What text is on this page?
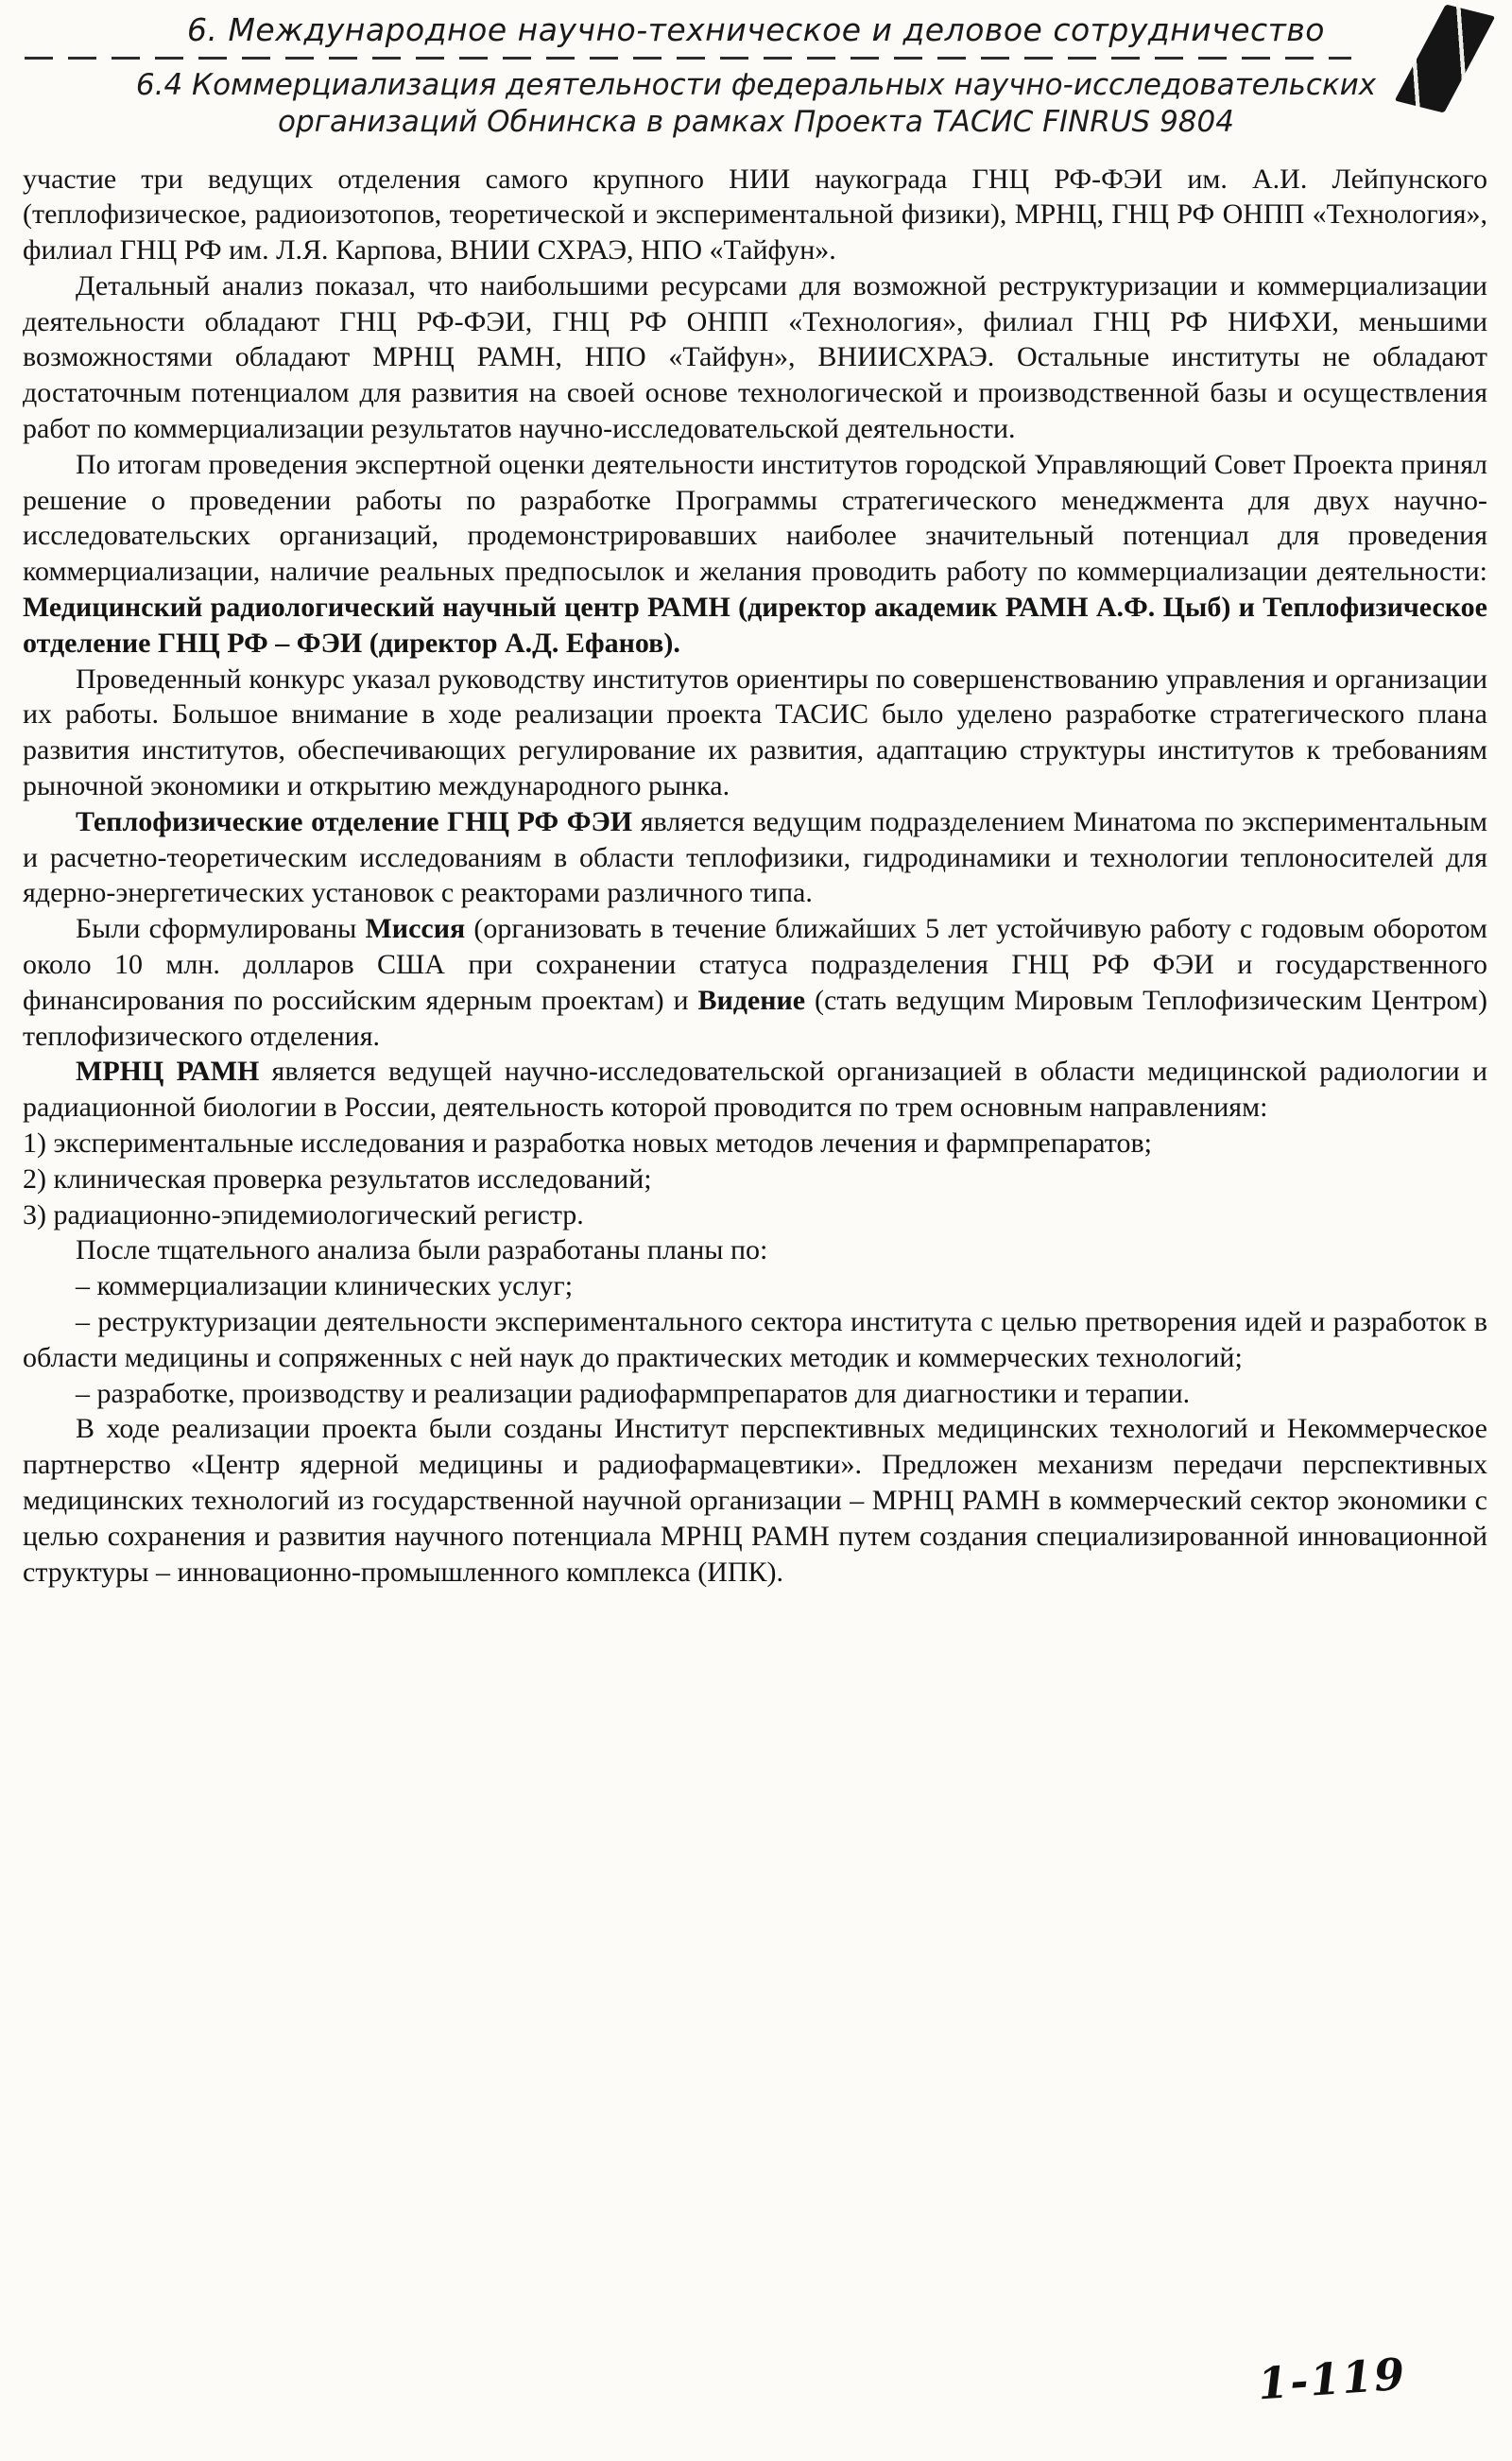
6. Международное научно-техническое и деловое сотрудничество
6.4 Коммерциализация деятельности федеральных научно-исследовательских
организаций Обнинска в рамках Проекта ТАСИС FINRUS 9804

участие три ведущих отделения самого крупного НИИ наукограда ГНЦ РФ-ФЭИ им. А.И. Лейпунского (теплофизическое, радиоизотопов, теоретической и экспериментальной физики), МРНЦ, ГНЦ РФ ОНПП «Технология», филиал ГНЦ РФ им. Л.Я. Карпова, ВНИИ СХРАЭ, НПО «Тайфун».

Детальный анализ показал, что наибольшими ресурсами для возможной реструктуризации и коммерциализации деятельности обладают ГНЦ РФ-ФЭИ, ГНЦ РФ ОНПП «Технология», филиал ГНЦ РФ НИФХИ, меньшими возможностями обладают МРНЦ РАМН, НПО «Тайфун», ВНИИСХРАЭ. Остальные институты не обладают достаточным потенциалом для развития на своей основе технологической и производственной базы и осуществления работ по коммерциализации результатов научно-исследовательской деятельности.

По итогам проведения экспертной оценки деятельности институтов городской Управляющий Совет Проекта принял решение о проведении работы по разработке Программы стратегического менеджмента для двух научно-исследовательских организаций, продемонстрировавших наиболее значительный потенциал для проведения коммерциализации, наличие реальных предпосылок и желания проводить работу по коммерциализации деятельности: Медицинский радиологический научный центр РАМН (директор академик РАМН А.Ф. Цыб) и Теплофизическое отделение ГНЦ РФ – ФЭИ (директор А.Д. Ефанов).

Проведенный конкурс указал руководству институтов ориентиры по совершенствованию управления и организации их работы. Большое внимание в ходе реализации проекта ТАСИС было уделено разработке стратегического плана развития институтов, обеспечивающих регулирование их развития, адаптацию структуры институтов к требованиям рыночной экономики и открытию международного рынка.

Теплофизические отделение ГНЦ РФ ФЭИ является ведущим подразделением Минатома по экспериментальным и расчетно-теоретическим исследованиям в области теплофизики, гидродинамики и технологии теплоносителей для ядерно-энергетических установок с реакторами различного типа.

Были сформулированы Миссия (организовать в течение ближайших 5 лет устойчивую работу с годовым оборотом около 10 млн. долларов США при сохранении статуса подразделения ГНЦ РФ ФЭИ и государственного финансирования по российским ядерным проектам) и Видение (стать ведущим Мировым Теплофизическим Центром) теплофизического отделения.

МРНЦ РАМН является ведущей научно-исследовательской организацией в области медицинской радиологии и радиационной биологии в России, деятельность которой проводится по трем основным направлениям:

1) экспериментальные исследования и разработка новых методов лечения и фармпрепаратов;

2) клиническая проверка результатов исследований;

3) радиационно-эпидемиологический регистр.

После тщательного анализа были разработаны планы по:

– коммерциализации клинических услуг;

– реструктуризации деятельности экспериментального сектора института с целью претворения идей и разработок в области медицины и сопряженных с ней наук до практических методик и коммерческих технологий;

– разработке, производству и реализации радиофармпрепаратов для диагностики и терапии.

В ходе реализации проекта были созданы Институт перспективных медицинских технологий и Некоммерческое партнерство «Центр ядерной медицины и радиофармацевтики». Предложен механизм передачи перспективных медицинских технологий из государственной научной организации – МРНЦ РАМН в коммерческий сектор экономики с целью сохранения и развития научного потенциала МРНЦ РАМН путем создания специализированной инновационной структуры – инновационно-промышленного комплекса (ИПК).

1-119
